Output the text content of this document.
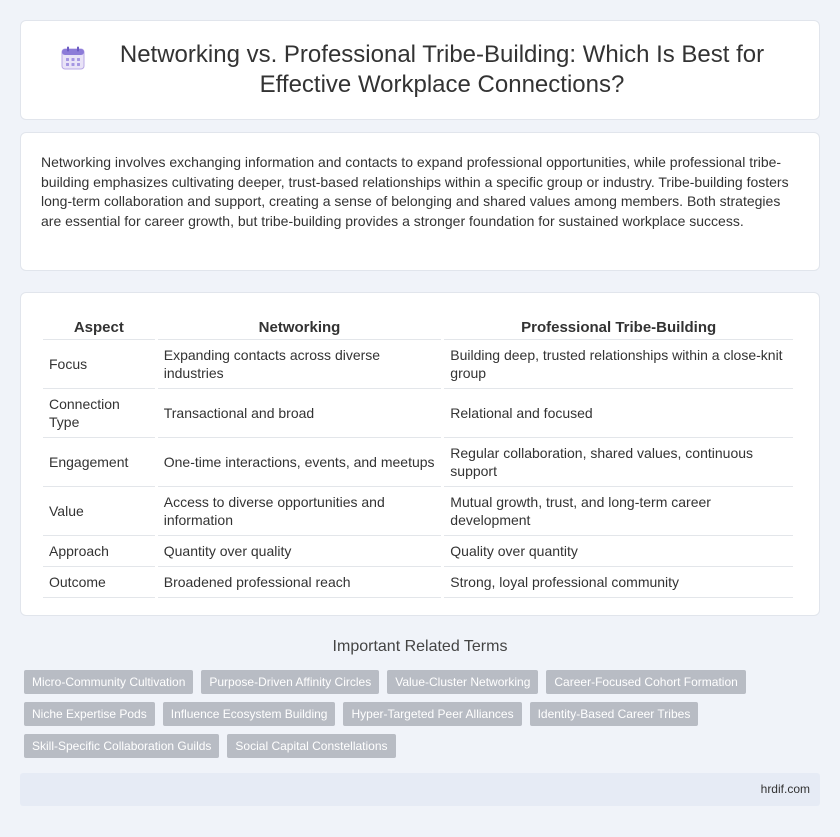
Networking vs. Professional Tribe-Building: Which Is Best for Effective Workplace Connections?

Networking involves exchanging information and contacts to expand professional opportunities, while professional tribe-building emphasizes cultivating deeper, trust-based relationships within a specific group or industry. Tribe-building fosters long-term collaboration and support, creating a sense of belonging and shared values among members. Both strategies are essential for career growth, but tribe-building provides a stronger foundation for sustained workplace success.

Aspect	Networking	Professional Tribe-Building
Focus	Expanding contacts across diverse industries	Building deep, trusted relationships within a close-knit group
Connection Type	Transactional and broad	Relational and focused
Engagement	One-time interactions, events, and meetups	Regular collaboration, shared values, continuous support
Value	Access to diverse opportunities and information	Mutual growth, trust, and long-term career development
Approach	Quantity over quality	Quality over quantity
Outcome	Broadened professional reach	Strong, loyal professional community
Important Related Terms
Micro-Community Cultivation	Purpose-Driven Affinity Circles	Value-Cluster Networking	Career-Focused Cohort Formation
Niche Expertise Pods	Influence Ecosystem Building	Hyper-Targeted Peer Alliances	Identity-Based Career Tribes
Skill-Specific Collaboration Guilds	Social Capital Constellations
hrdif.com
